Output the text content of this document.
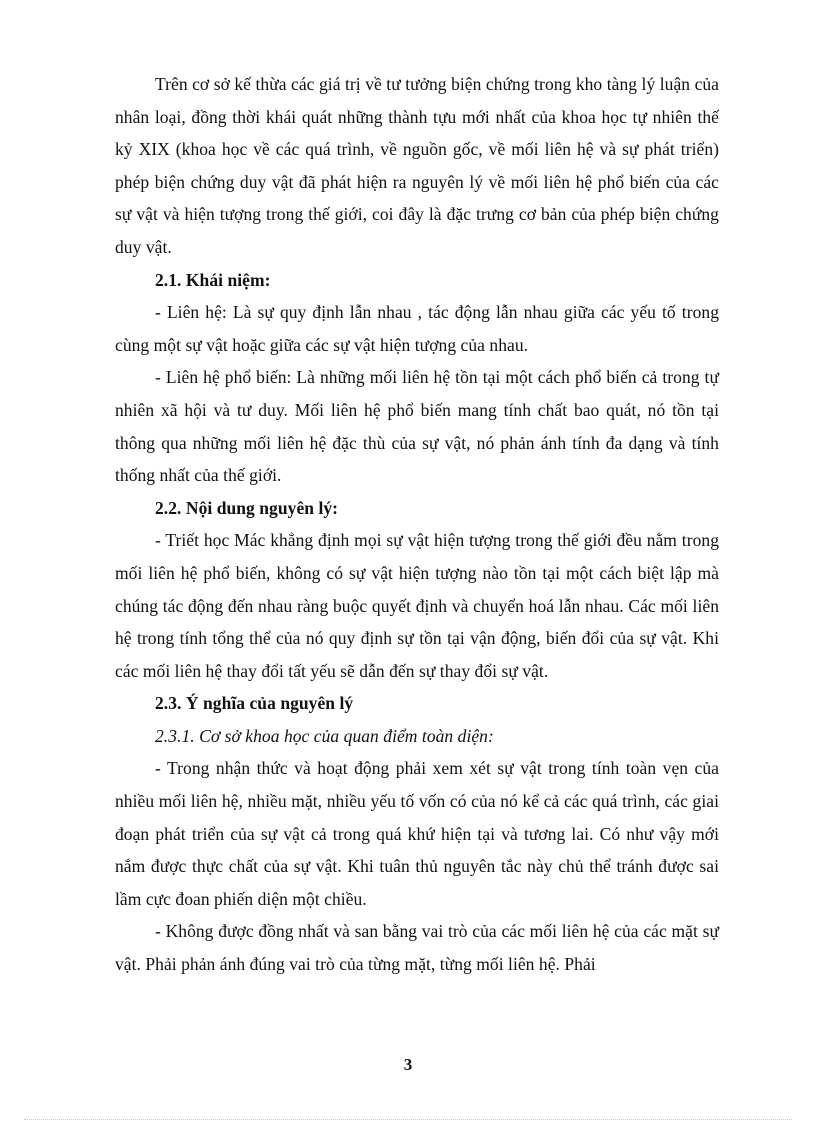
Trên cơ sở kế thừa các giá trị về tư tưởng biện chứng trong kho tàng lý luận của nhân loại, đồng thời khái quát những thành tựu mới nhất của khoa học tự nhiên thế kỷ XIX (khoa học về các quá trình, về nguồn gốc, về mối liên hệ và sự phát triển) phép biện chứng duy vật đã phát hiện ra nguyên lý về mối liên hệ phổ biến của các sự vật và hiện tượng trong thế giới, coi đây là đặc trưng cơ bản của phép biện chứng duy vật.

2.1. Khái niệm:

- Liên hệ: Là sự quy định lẫn nhau , tác động lẫn nhau giữa các yếu tố trong cùng một sự vật hoặc giữa các sự vật hiện tượng của nhau.

- Liên hệ phổ biến: Là những mối liên hệ tồn tại một cách phổ biến cả trong tự nhiên xã hội và tư duy. Mối liên hệ phổ biến mang tính chất bao quát, nó tồn tại thông qua những mối liên hệ đặc thù của sự vật, nó phản ánh tính đa dạng và tính thống nhất của thế giới.

2.2. Nội dung nguyên lý:

- Triết học Mác khẳng định mọi sự vật hiện tượng trong thế giới đều nằm trong mối liên hệ phổ biến, không có sự vật hiện tượng nào tồn tại một cách biệt lập mà chúng tác động đến nhau ràng buộc quyết định và chuyển hoá lẫn nhau. Các mối liên hệ trong tính tổng thể của nó quy định sự tồn tại vận động, biến đổi của sự vật. Khi các mối liên hệ thay đổi tất yếu sẽ dẫn đến sự thay đổi sự vật.

2.3. Ý nghĩa của nguyên lý

2.3.1. Cơ sở khoa học của quan điểm toàn diện:

- Trong nhận thức và hoạt động phải xem xét sự vật trong tính toàn vẹn của nhiều mối liên hệ, nhiều mặt, nhiều yếu tố vốn có của nó kể cả các quá trình, các giai đoạn phát triển của sự vật cả trong quá khứ hiện tại và tương lai. Có như vậy mới nắm được thực chất của sự vật. Khi tuân thủ nguyên tắc này chủ thể tránh được sai lầm cực đoan phiến diện một chiều.

- Không được đồng nhất và san bằng vai trò của các mối liên hệ của các mặt sự vật. Phải phản ánh đúng vai trò của từng mặt, từng mối liên hệ. Phải

3
